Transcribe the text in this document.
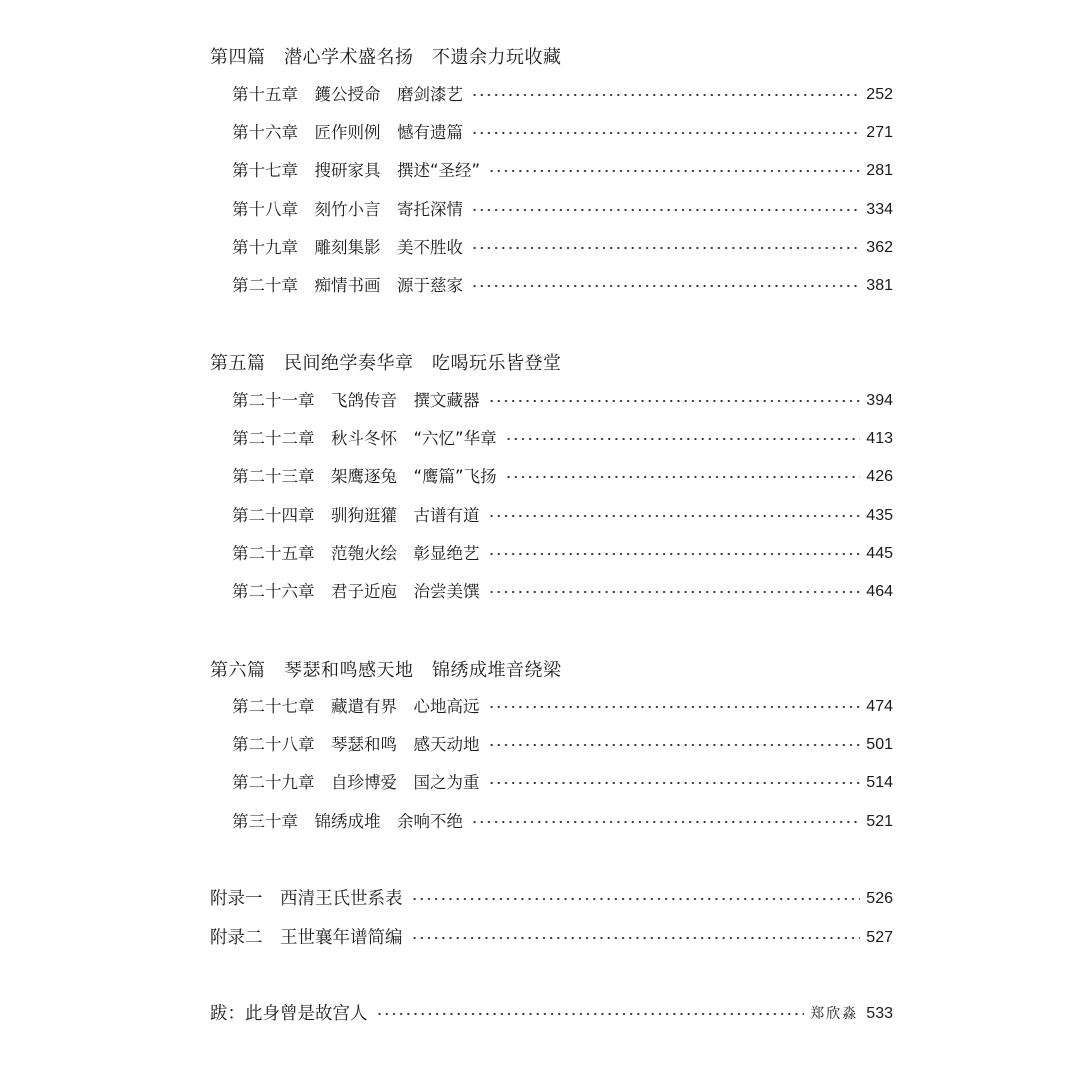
第四篇　潜心学术盛名扬　不遗余力玩收藏
第十五章　鑊公授命　磨剑漆艺	252
第十六章　匠作则例　憾有遗篇	271
第十七章　搜研家具　撰述“圣经”	281
第十八章　刻竹小言　寄托深情	334
第十九章　雕刻集影　美不胜收	362
第二十章　痴情书画　源于慈家	381
第五篇　民间绝学奏华章　吃喝玩乐皆登堂
第二十一章　飞鸽传音　撰文藏器	394
第二十二章　秋斗冬怀　“六忆”华章	413
第二十三章　架鹰逐兔　“鹰篇”飞扬	426
第二十四章　驯狗逛獾　古谱有道	435
第二十五章　范匏火绘　彰显绝艺	445
第二十六章　君子近庖　治尝美馔	464
第六篇　琴瑟和鸣感天地　锦绣成堆音绕梁
第二十七章　藏遣有界　心地高远	474
第二十八章　琴瑟和鸣　感天动地	501
第二十九章　自珍博爱　国之为重	514
第三十章　锦绣成堆　余响不绝	521
附录一　西清王氏世系表	526
附录二　王世襄年谱简编	527
跋：此身曾是故宫人	郑欣淼 533
